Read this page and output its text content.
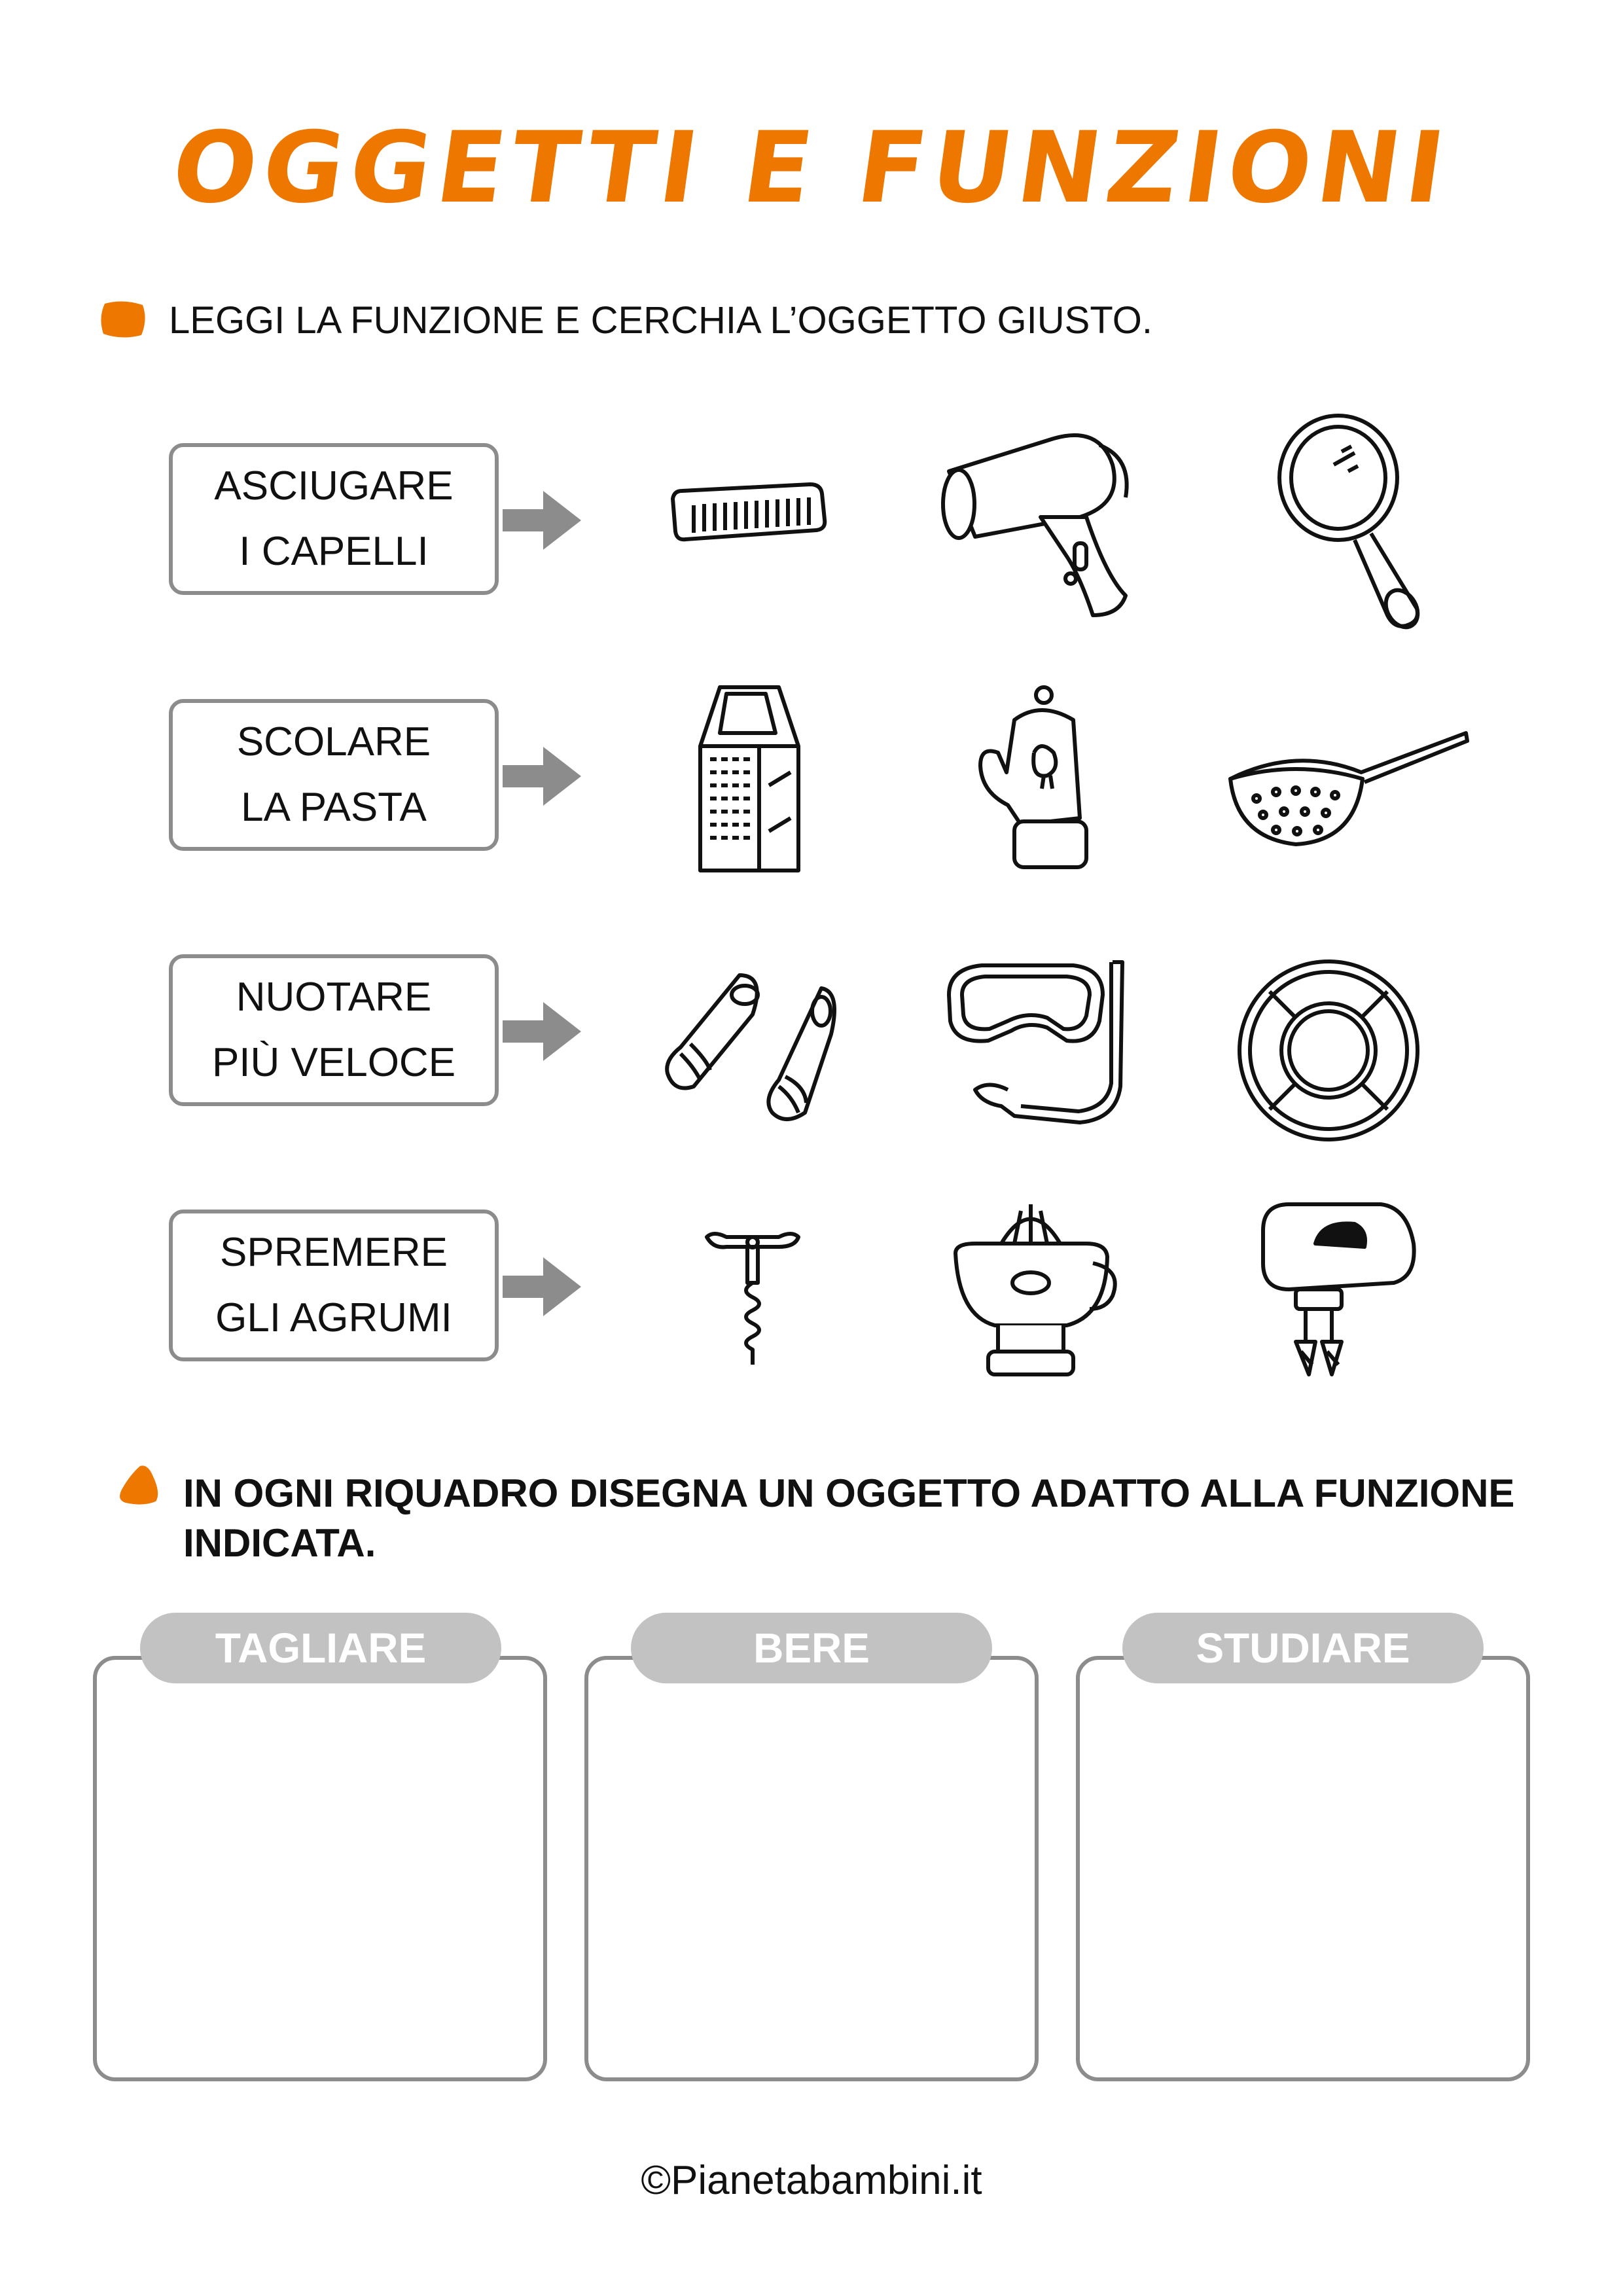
OGGETTI E FUNZIONI
LEGGI LA FUNZIONE E CERCHIA L’OGGETTO GIUSTO.
ASCIUGARE
I CAPELLI
SCOLARE
LA PASTA
NUOTARE
PIÙ VELOCE
SPREMERE
GLI AGRUMI
IN OGNI RIQUADRO DISEGNA UN OGGETTO ADATTO ALLA FUNZIONE
INDICATA.
TAGLIARE	BERE	STUDIARE
©Pianetabambini.it
